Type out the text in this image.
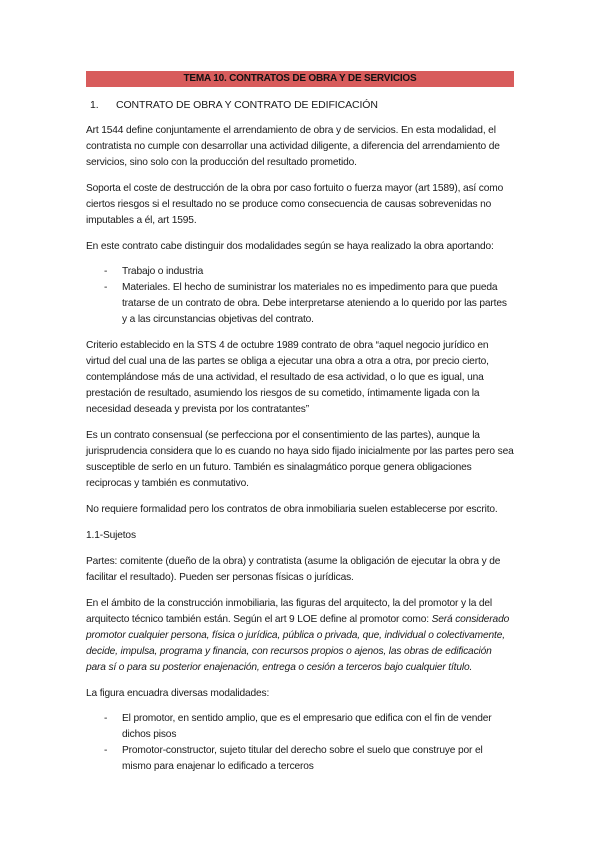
TEMA 10. CONTRATOS DE OBRA Y DE SERVICIOS
1. CONTRATO DE OBRA Y CONTRATO DE EDIFICACIÓN

Art 1544 define conjuntamente el arrendamiento de obra y de servicios. En esta modalidad, el contratista no cumple con desarrollar una actividad diligente, a diferencia del arrendamiento de servicios, sino solo con la producción del resultado prometido.

Soporta el coste de destrucción de la obra por caso fortuito o fuerza mayor (art 1589), así como ciertos riesgos si el resultado no se produce como consecuencia de causas sobrevenidas no imputables a él, art 1595.

En este contrato cabe distinguir dos modalidades según se haya realizado la obra aportando:

- Trabajo o industria
- Materiales. El hecho de suministrar los materiales no es impedimento para que pueda tratarse de un contrato de obra. Debe interpretarse ateniendo a lo querido por las partes y a las circunstancias objetivas del contrato.

Criterio establecido en la STS 4 de octubre 1989 contrato de obra “aquel negocio jurídico en virtud del cual una de las partes se obliga a ejecutar una obra a otra a otra, por precio cierto, contemplándose más de una actividad, el resultado de esa actividad, o lo que es igual, una prestación de resultado, asumiendo los riesgos de su cometido, íntimamente ligada con la necesidad deseada y prevista por los contratantes”

Es un contrato consensual (se perfecciona por el consentimiento de las partes), aunque la jurisprudencia considera que lo es cuando no haya sido fijado inicialmente por las partes pero sea susceptible de serlo en un futuro. También es sinalagmático porque genera obligaciones reciprocas y también es conmutativo.

No requiere formalidad pero los contratos de obra inmobiliaria suelen establecerse por escrito.

1.1-Sujetos

Partes: comitente (dueño de la obra) y contratista (asume la obligación de ejecutar la obra y de facilitar el resultado). Pueden ser personas físicas o jurídicas.

En el ámbito de la construcción inmobiliaria, las figuras del arquitecto, la del promotor y la del arquitecto técnico también están. Según el art 9 LOE define al promotor como: Será considerado promotor cualquier persona, física o jurídica, pública o privada, que, individual o colectivamente, decide, impulsa, programa y financia, con recursos propios o ajenos, las obras de edificación para sí o para su posterior enajenación, entrega o cesión a terceros bajo cualquier título.

La figura encuadra diversas modalidades:

- El promotor, en sentido amplio, que es el empresario que edifica con el fin de vender dichos pisos
- Promotor-constructor, sujeto titular del derecho sobre el suelo que construye por el mismo para enajenar lo edificado a terceros
